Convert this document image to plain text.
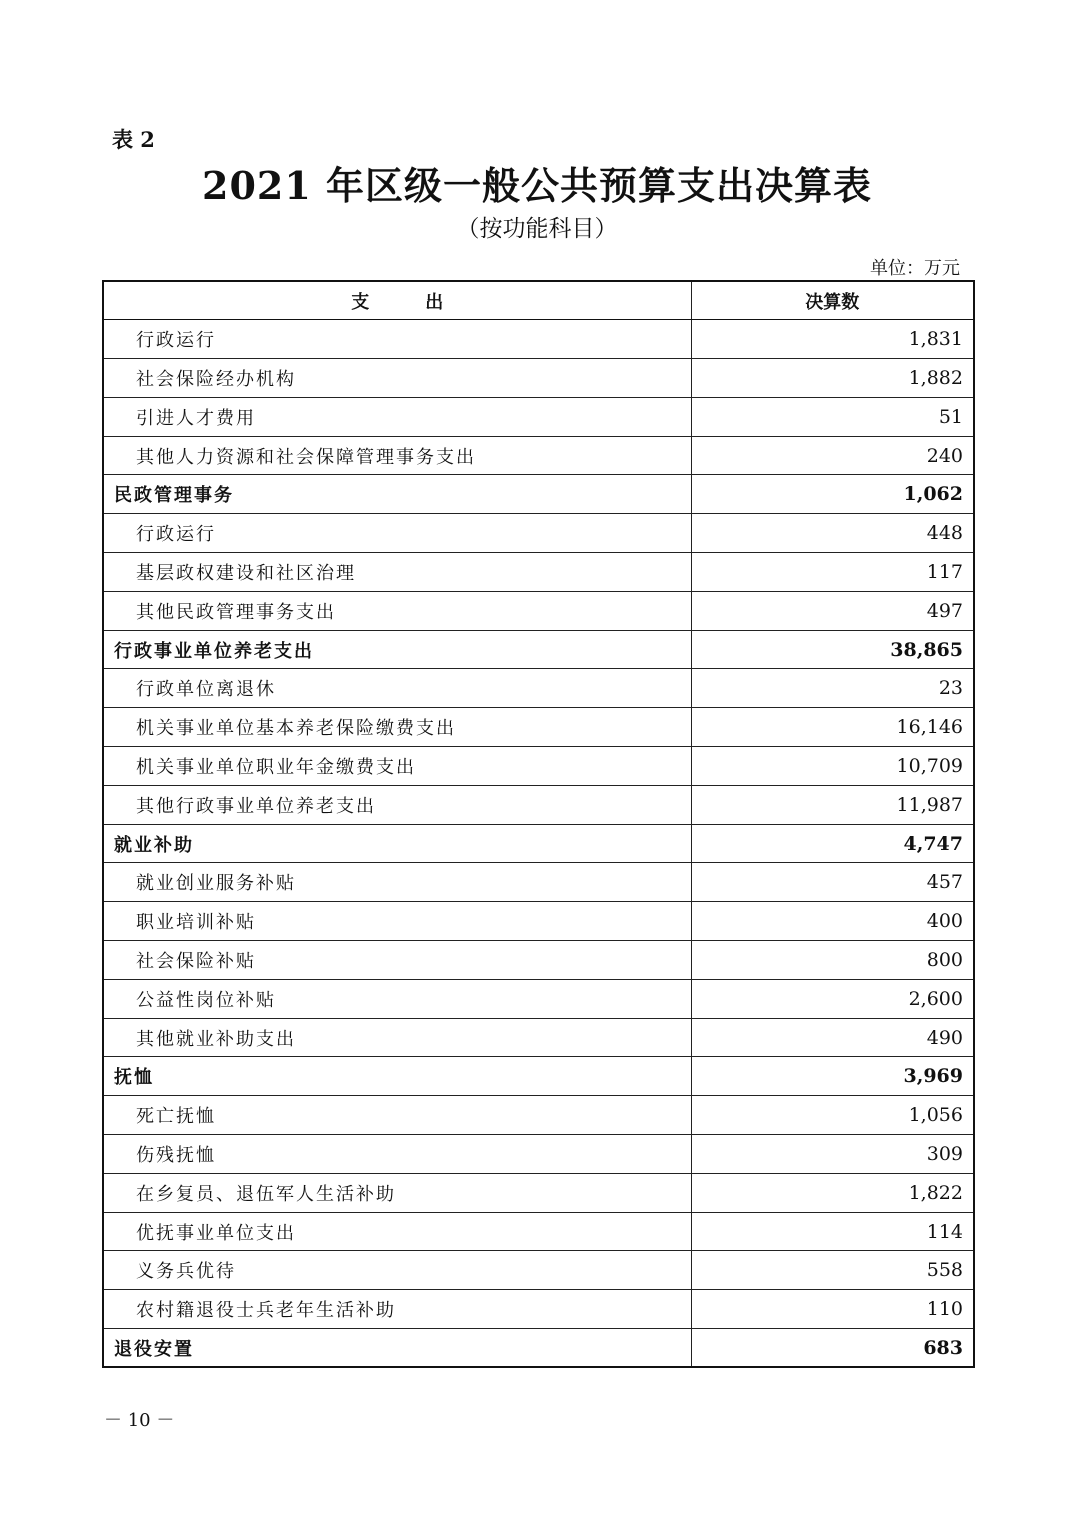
表 2
2021 年区级一般公共预算支出决算表
（按功能科目）
单位：万元
支 出	决算数
行政运行	1,831
社会保险经办机构	1,882
引进人才费用	51
其他人力资源和社会保障管理事务支出	240
民政管理事务	1,062
行政运行	448
基层政权建设和社区治理	117
其他民政管理事务支出	497
行政事业单位养老支出	38,865
行政单位离退休	23
机关事业单位基本养老保险缴费支出	16,146
机关事业单位职业年金缴费支出	10,709
其他行政事业单位养老支出	11,987
就业补助	4,747
就业创业服务补贴	457
职业培训补贴	400
社会保险补贴	800
公益性岗位补贴	2,600
其他就业补助支出	490
抚恤	3,969
死亡抚恤	1,056
伤残抚恤	309
在乡复员、退伍军人生活补助	1,822
优抚事业单位支出	114
义务兵优待	558
农村籍退役士兵老年生活补助	110
退役安置	683
－ 10 －
